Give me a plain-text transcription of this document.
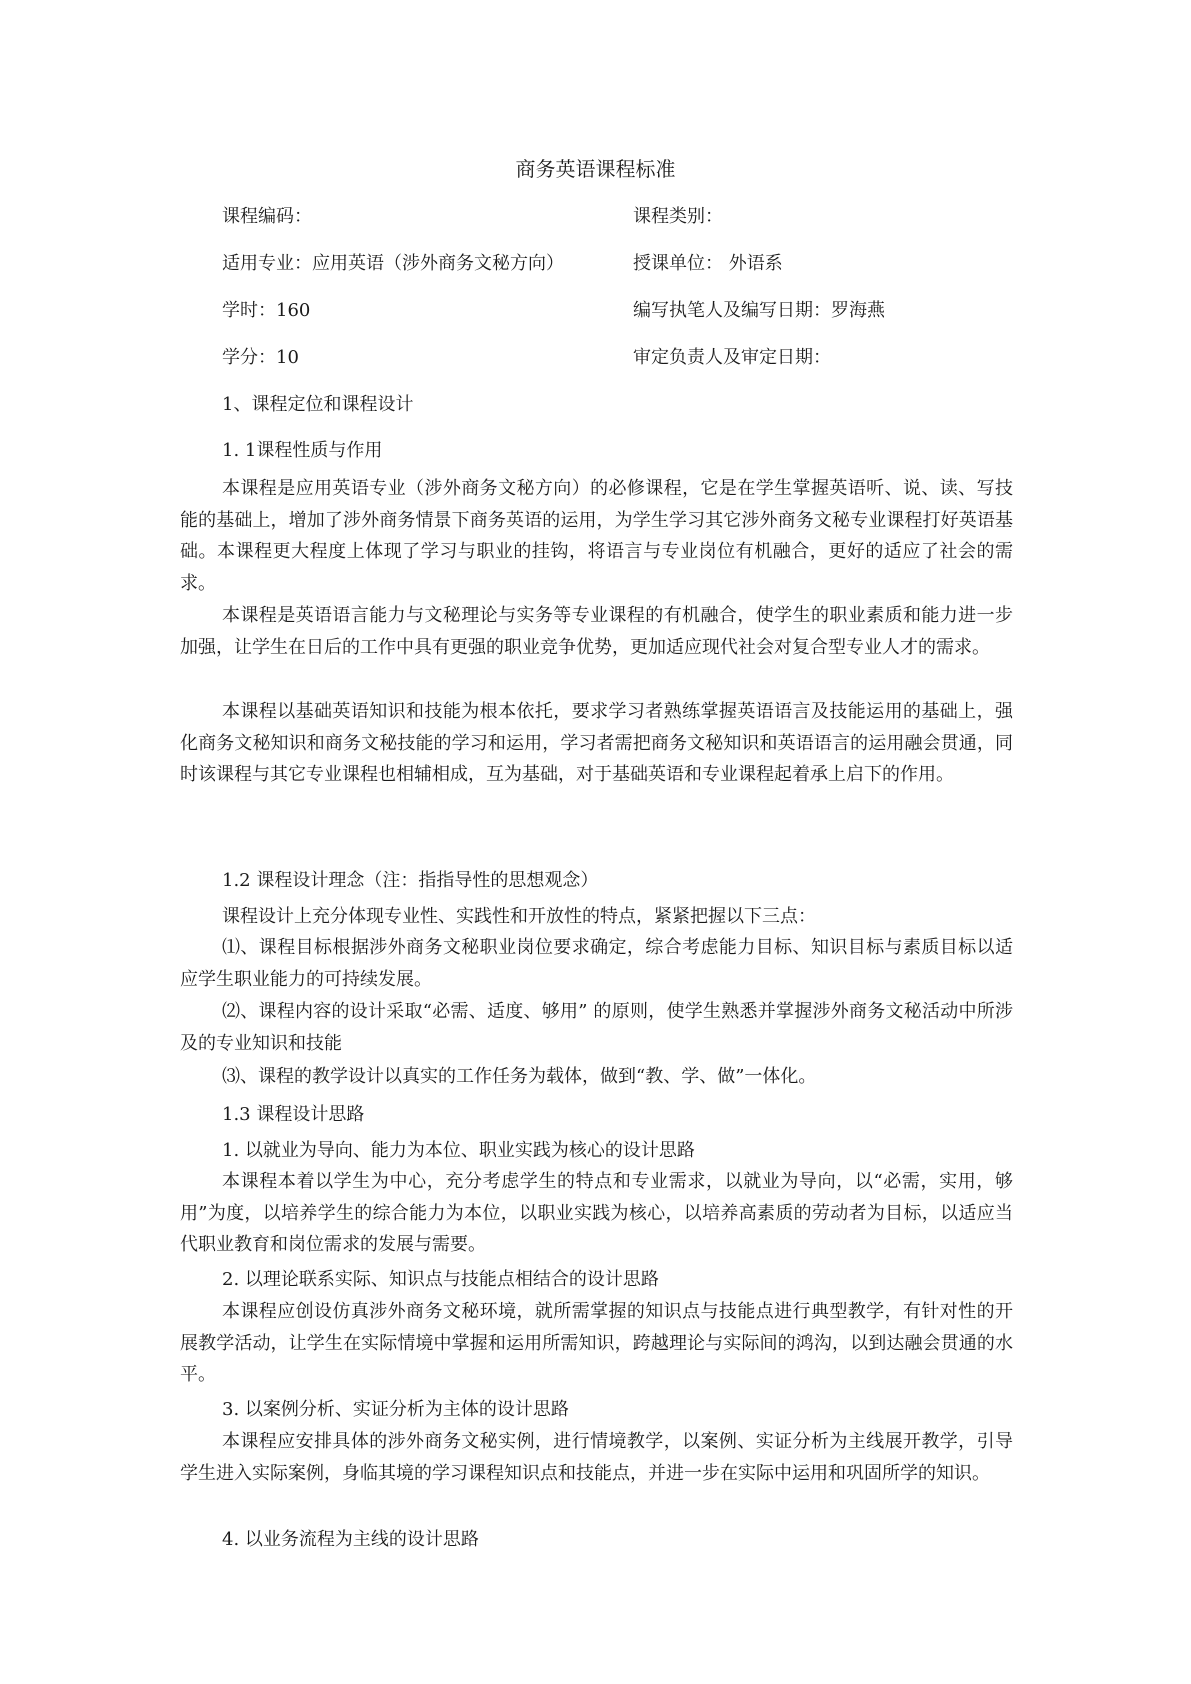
商务英语课程标准
课程编码：	课程类别：
适用专业：应用英语（涉外商务文秘方向）	授课单位： 外语系
学时：160	编写执笔人及编写日期：罗海燕
学分：10	审定负责人及审定日期：
1、课程定位和课程设计
1. 1课程性质与作用

本课程是应用英语专业（涉外商务文秘方向）的必修课程，它是在学生掌握英语听、说、读、写技能的基础上，增加了涉外商务情景下商务英语的运用，为学生学习其它涉外商务文秘专业课程打好英语基础。本课程更大程度上体现了学习与职业的挂钩，将语言与专业岗位有机融合，更好的适应了社会的需求。

本课程是英语语言能力与文秘理论与实务等专业课程的有机融合，使学生的职业素质和能力进一步加强，让学生在日后的工作中具有更强的职业竞争优势，更加适应现代社会对复合型专业人才的需求。

本课程以基础英语知识和技能为根本依托，要求学习者熟练掌握英语语言及技能运用的基础上，强化商务文秘知识和商务文秘技能的学习和运用，学习者需把商务文秘知识和英语语言的运用融会贯通，同时该课程与其它专业课程也相辅相成，互为基础，对于基础英语和专业课程起着承上启下的作用。

1.2 课程设计理念（注：指指导性的思想观念）
课程设计上充分体现专业性、实践性和开放性的特点，紧紧把握以下三点：

⑴、课程目标根据涉外商务文秘职业岗位要求确定，综合考虑能力目标、知识目标与素质目标以适应学生职业能力的可持续发展。

⑵、课程内容的设计采取“必需、适度、够用” 的原则，使学生熟悉并掌握涉外商务文秘活动中所涉及的专业知识和技能

⑶、课程的教学设计以真实的工作任务为载体，做到“教、学、做”一体化。
1.3 课程设计思路
1. 以就业为导向、能力为本位、职业实践为核心的设计思路

本课程本着以学生为中心，充分考虑学生的特点和专业需求，以就业为导向，以“必需，实用，够用”为度，以培养学生的综合能力为本位，以职业实践为核心，以培养高素质的劳动者为目标，以适应当代职业教育和岗位需求的发展与需要。

2. 以理论联系实际、知识点与技能点相结合的设计思路

本课程应创设仿真涉外商务文秘环境，就所需掌握的知识点与技能点进行典型教学，有针对性的开展教学活动，让学生在实际情境中掌握和运用所需知识，跨越理论与实际间的鸿沟，以到达融会贯通的水平。

3. 以案例分析、实证分析为主体的设计思路

本课程应安排具体的涉外商务文秘实例，进行情境教学，以案例、实证分析为主线展开教学，引导学生进入实际案例，身临其境的学习课程知识点和技能点，并进一步在实际中运用和巩固所学的知识。

4. 以业务流程为主线的设计思路
